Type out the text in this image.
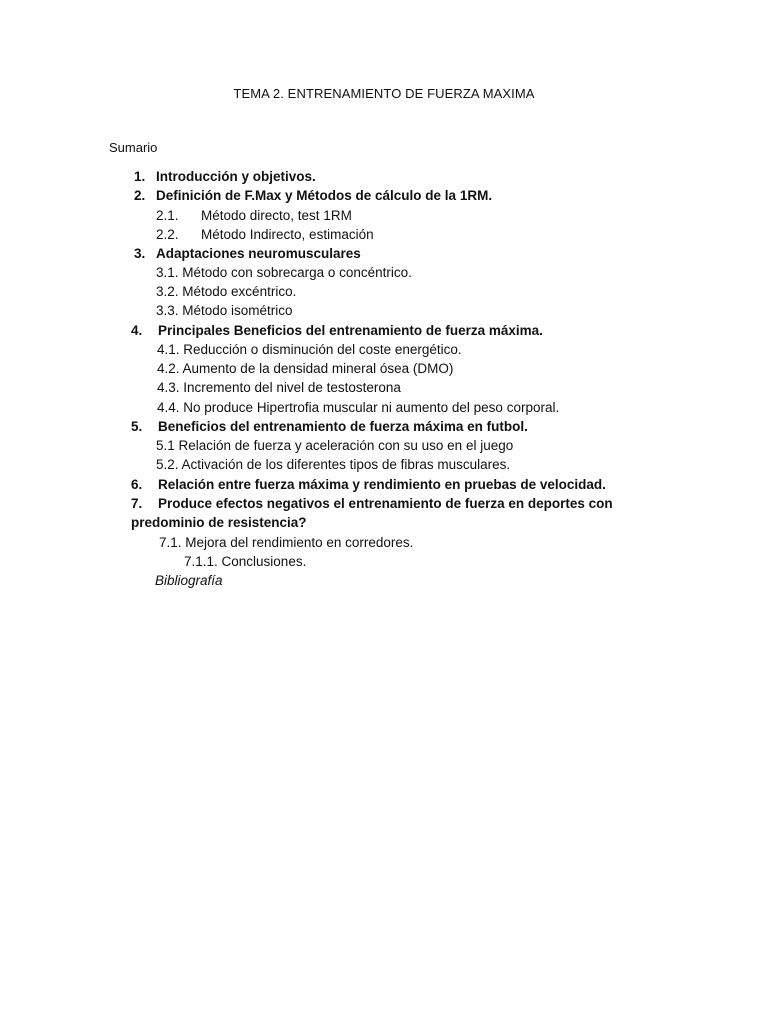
TEMA 2. ENTRENAMIENTO DE FUERZA MAXIMA
Sumario
1. Introducción y objetivos.
2. Definición de F.Max y Métodos de cálculo de la 1RM.
2.1. Método directo, test 1RM
2.2. Método Indirecto, estimación
3. Adaptaciones neuromusculares
3.1. Método con sobrecarga o concéntrico.
3.2. Método excéntrico.
3.3. Método isométrico
4. Principales Beneficios del entrenamiento de fuerza máxima.
4.1. Reducción o disminución del coste energético.
4.2. Aumento de la densidad mineral ósea (DMO)
4.3. Incremento del nivel de testosterona
4.4. No produce Hipertrofia muscular ni aumento del peso corporal.
5. Beneficios del entrenamiento de fuerza máxima en futbol.
5.1 Relación de fuerza y aceleración con su uso en el juego
5.2. Activación de los diferentes tipos de fibras musculares.
6. Relación entre fuerza máxima y rendimiento en pruebas de velocidad.
7. Produce efectos negativos el entrenamiento de fuerza en deportes con
predominio de resistencia?
7.1. Mejora del rendimiento en corredores.
7.1.1. Conclusiones.
Bibliografía
